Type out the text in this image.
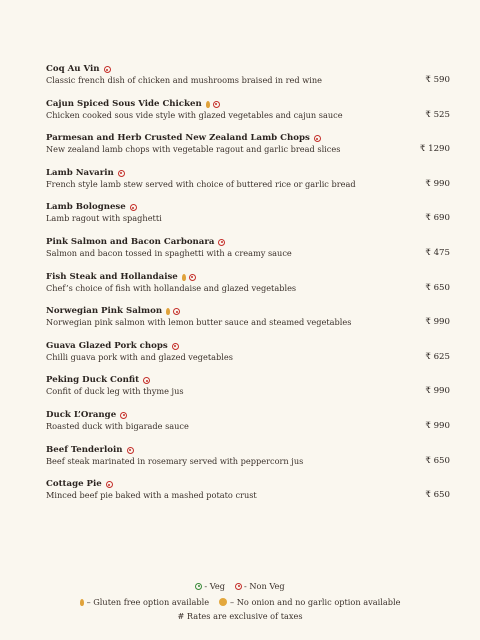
Coq Au Vin
Classic french dish of chicken and mushrooms braised in red wine	₹ 590
Cajun Spiced Sous Vide Chicken
Chicken cooked sous vide style with glazed vegetables and cajun sauce	₹ 525
Parmesan and Herb Crusted New Zealand Lamb Chops
New zealand lamb chops with vegetable ragout and garlic bread slices	₹ 1290
Lamb Navarin
French style lamb stew served with choice of buttered rice or garlic bread	₹ 990
Lamb Bolognese
Lamb ragout with spaghetti	₹ 690
Pink Salmon and Bacon Carbonara
Salmon and bacon tossed in spaghetti with a creamy sauce	₹ 475
Fish Steak and Hollandaise
Chef’s choice of fish with hollandaise and glazed vegetables	₹ 650
Norwegian Pink Salmon
Norwegian pink salmon with lemon butter sauce and steamed vegetables	₹ 990
Guava Glazed Pork chops
Chilli guava pork with and glazed vegetables	₹ 625
Peking Duck Confit
Confit of duck leg with thyme jus	₹ 990
Duck L’Orange
Roasted duck with bigarade sauce	₹ 990
Beef Tenderloin
Beef steak marinated in rosemary served with peppercorn jus	₹ 650
Cottage Pie
Minced beef pie baked with a mashed potato crust	₹ 650
- Veg - Non Veg
– Gluten free option available	– No onion and no garlic option available
# Rates are exclusive of taxes
